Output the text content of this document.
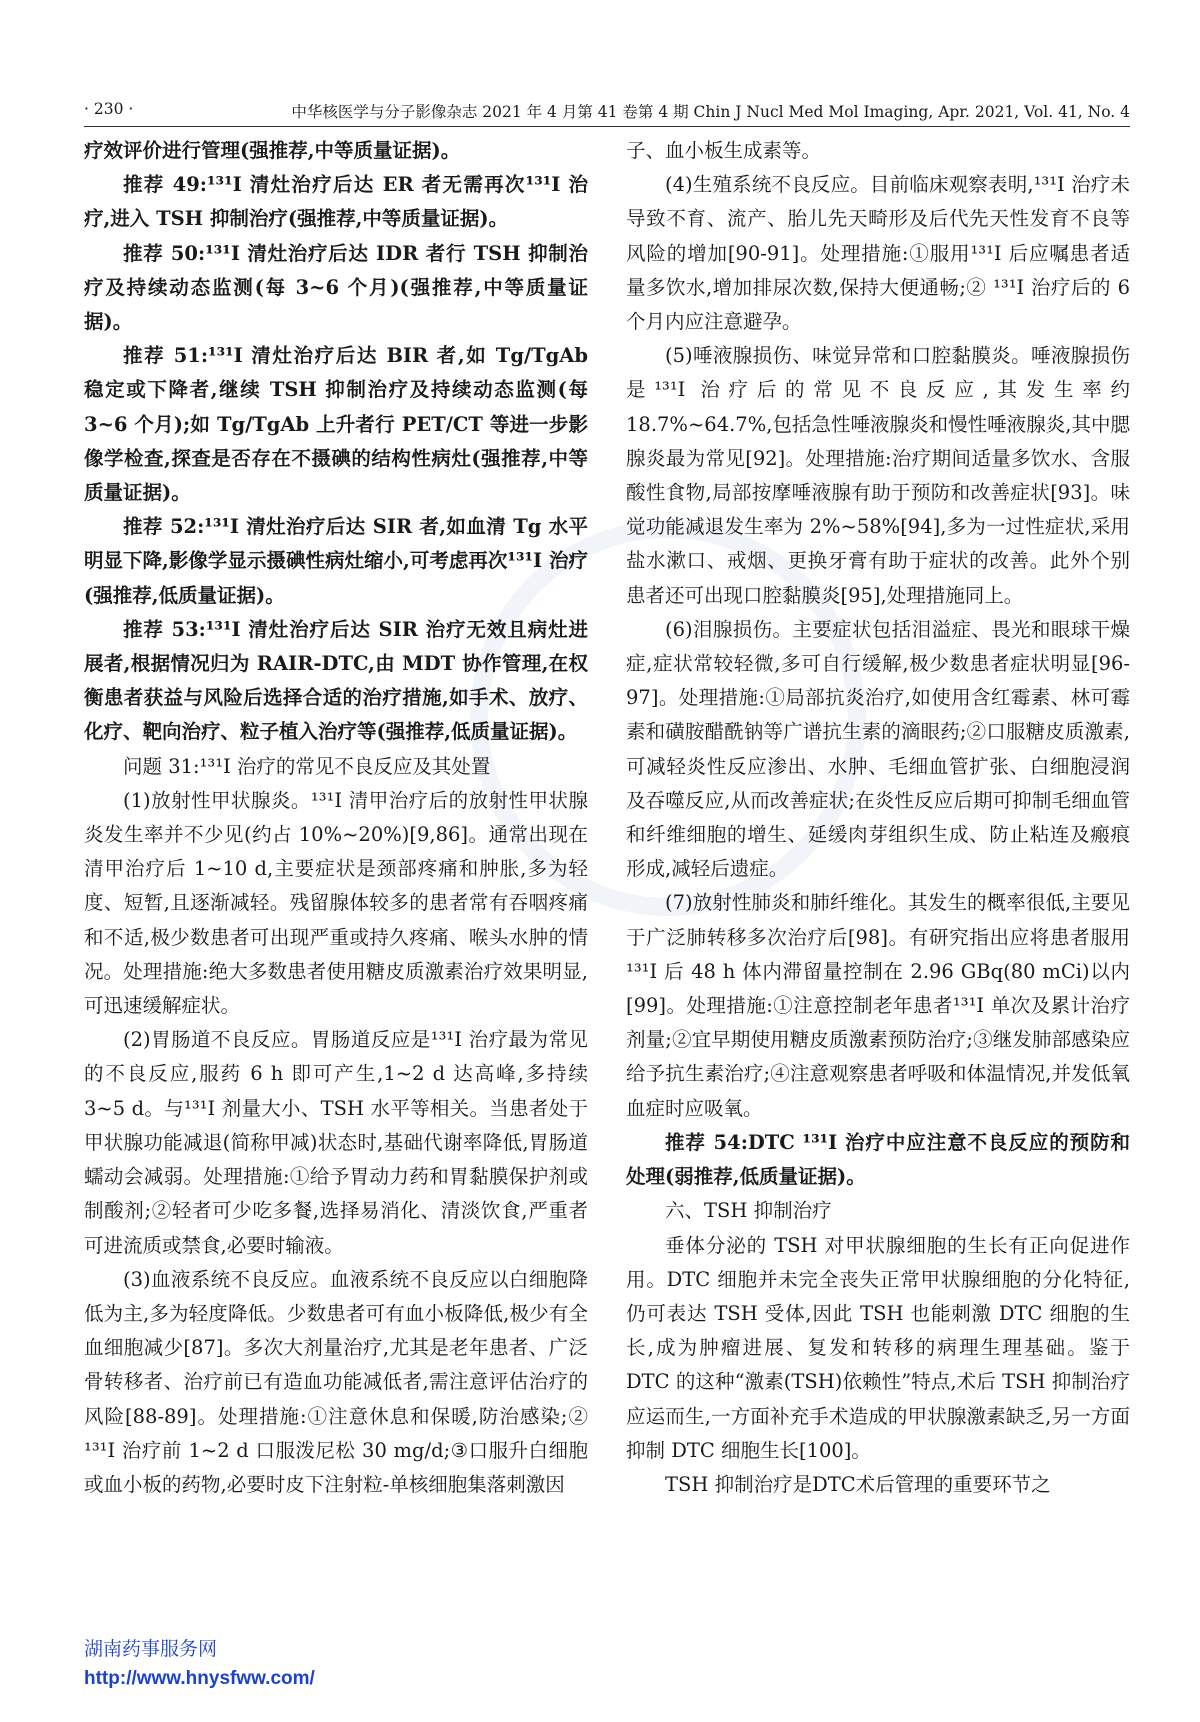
· 230 ·	中华核医学与分子影像杂志 2021 年 4 月第 41 卷第 4 期 Chin J Nucl Med Mol Imaging, Apr. 2021, Vol. 41, No. 4

疗效评价进行管理(强推荐,中等质量证据)。

推荐 49:¹³¹I 清灶治疗后达 ER 者无需再次¹³¹I 治疗,进入 TSH 抑制治疗(强推荐,中等质量证据)。

推荐 50:¹³¹I 清灶治疗后达 IDR 者行 TSH 抑制治疗及持续动态监测(每 3~6 个月)(强推荐,中等质量证据)。

推荐 51:¹³¹I 清灶治疗后达 BIR 者,如 Tg/TgAb 稳定或下降者,继续 TSH 抑制治疗及持续动态监测(每 3~6 个月);如 Tg/TgAb 上升者行 PET/CT 等进一步影像学检查,探查是否存在不摄碘的结构性病灶(强推荐,中等质量证据)。

推荐 52:¹³¹I 清灶治疗后达 SIR 者,如血清 Tg 水平明显下降,影像学显示摄碘性病灶缩小,可考虑再次¹³¹I 治疗(强推荐,低质量证据)。

推荐 53:¹³¹I 清灶治疗后达 SIR 治疗无效且病灶进展者,根据情况归为 RAIR-DTC,由 MDT 协作管理,在权衡患者获益与风险后选择合适的治疗措施,如手术、放疗、化疗、靶向治疗、粒子植入治疗等(强推荐,低质量证据)。

问题 31:¹³¹I 治疗的常见不良反应及其处置

(1)放射性甲状腺炎。¹³¹I 清甲治疗后的放射性甲状腺炎发生率并不少见(约占 10%~20%)[9,86]。通常出现在清甲治疗后 1~10 d,主要症状是颈部疼痛和肿胀,多为轻度、短暂,且逐渐减轻。残留腺体较多的患者常有吞咽疼痛和不适,极少数患者可出现严重或持久疼痛、喉头水肿的情况。处理措施:绝大多数患者使用糖皮质激素治疗效果明显,可迅速缓解症状。

(2)胃肠道不良反应。胃肠道反应是¹³¹I 治疗最为常见的不良反应,服药 6 h 即可产生,1~2 d 达高峰,多持续 3~5 d。与¹³¹I 剂量大小、TSH 水平等相关。当患者处于甲状腺功能减退(简称甲减)状态时,基础代谢率降低,胃肠道蠕动会减弱。处理措施:①给予胃动力药和胃黏膜保护剂或制酸剂;②轻者可少吃多餐,选择易消化、清淡饮食,严重者可进流质或禁食,必要时输液。

(3)血液系统不良反应。血液系统不良反应以白细胞降低为主,多为轻度降低。少数患者可有血小板降低,极少有全血细胞减少[87]。多次大剂量治疗,尤其是老年患者、广泛骨转移者、治疗前已有造血功能减低者,需注意评估治疗的风险[88-89]。处理措施:①注意休息和保暖,防治感染;② ¹³¹I 治疗前 1~2 d 口服泼尼松 30 mg/d;③口服升白细胞或血小板的药物,必要时皮下注射粒-单核细胞集落刺激因

子、血小板生成素等。

(4)生殖系统不良反应。目前临床观察表明,¹³¹I 治疗未导致不育、流产、胎儿先天畸形及后代先天性发育不良等风险的增加[90-91]。处理措施:①服用¹³¹I 后应嘱患者适量多饮水,增加排尿次数,保持大便通畅;② ¹³¹I 治疗后的 6 个月内应注意避孕。

(5)唾液腺损伤、味觉异常和口腔黏膜炎。唾液腺损伤是¹³¹I 治疗后的常见不良反应,其发生率约 18.7%~64.7%,包括急性唾液腺炎和慢性唾液腺炎,其中腮腺炎最为常见[92]。处理措施:治疗期间适量多饮水、含服酸性食物,局部按摩唾液腺有助于预防和改善症状[93]。味觉功能减退发生率为 2%~58%[94],多为一过性症状,采用盐水漱口、戒烟、更换牙膏有助于症状的改善。此外个别患者还可出现口腔黏膜炎[95],处理措施同上。

(6)泪腺损伤。主要症状包括泪溢症、畏光和眼球干燥症,症状常较轻微,多可自行缓解,极少数患者症状明显[96-97]。处理措施:①局部抗炎治疗,如使用含红霉素、林可霉素和磺胺醋酰钠等广谱抗生素的滴眼药;②口服糖皮质激素,可减轻炎性反应渗出、水肿、毛细血管扩张、白细胞浸润及吞噬反应,从而改善症状;在炎性反应后期可抑制毛细血管和纤维细胞的增生、延缓肉芽组织生成、防止粘连及瘢痕形成,减轻后遗症。

(7)放射性肺炎和肺纤维化。其发生的概率很低,主要见于广泛肺转移多次治疗后[98]。有研究指出应将患者服用¹³¹I 后 48 h 体内滞留量控制在 2.96 GBq(80 mCi)以内[99]。处理措施:①注意控制老年患者¹³¹I 单次及累计治疗剂量;②宜早期使用糖皮质激素预防治疗;③继发肺部感染应给予抗生素治疗;④注意观察患者呼吸和体温情况,并发低氧血症时应吸氧。

推荐 54:DTC ¹³¹I 治疗中应注意不良反应的预防和处理(弱推荐,低质量证据)。

六、TSH 抑制治疗

垂体分泌的 TSH 对甲状腺细胞的生长有正向促进作用。DTC 细胞并未完全丧失正常甲状腺细胞的分化特征,仍可表达 TSH 受体,因此 TSH 也能刺激 DTC 细胞的生长,成为肿瘤进展、复发和转移的病理生理基础。鉴于 DTC 的这种“激素(TSH)依赖性”特点,术后 TSH 抑制治疗应运而生,一方面补充手术造成的甲状腺激素缺乏,另一方面抑制 DTC 细胞生长[100]。

TSH 抑制治疗是DTC术后管理的重要环节之

湖南药事服务网
http://www.hnysfww.com/
